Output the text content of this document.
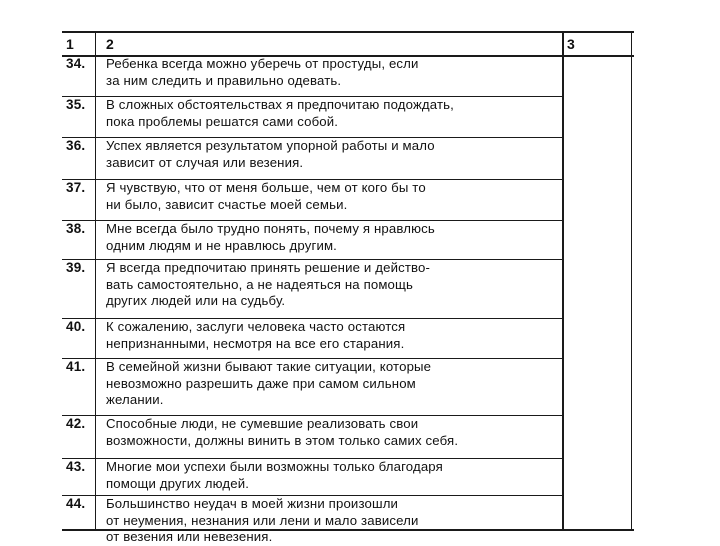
1 2	3
34. Ребенка всегда можно уберечь от простуды, если
за ним следить и правильно одевать.
35. В сложных обстоятельствах я предпочитаю подождать,
пока проблемы решатся сами собой.
36. Успех является результатом упорной работы и мало
зависит от случая или везения.
37. Я чувствую, что от меня больше, чем от кого бы то
ни было, зависит счастье моей семьи.
38. Мне всегда было трудно понять, почему я нравлюсь
одним людям и не нравлюсь другим.
39. Я всегда предпочитаю принять решение и действо-
вать самостоятельно, а не надеяться на помощь
других людей или на судьбу.
40. К сожалению, заслуги человека часто остаются
непризнанными, несмотря на все его старания.
41. В семейной жизни бывают такие ситуации, которые
невозможно разрешить даже при самом сильном
желании.
42. Способные люди, не сумевшие реализовать свои
возможности, должны винить в этом только самих себя.
43. Многие мои успехи были возможны только благодаря
помощи других людей.
44. Большинство неудач в моей жизни произошли
от неумения, незнания или лени и мало зависели
от везения или невезения.
